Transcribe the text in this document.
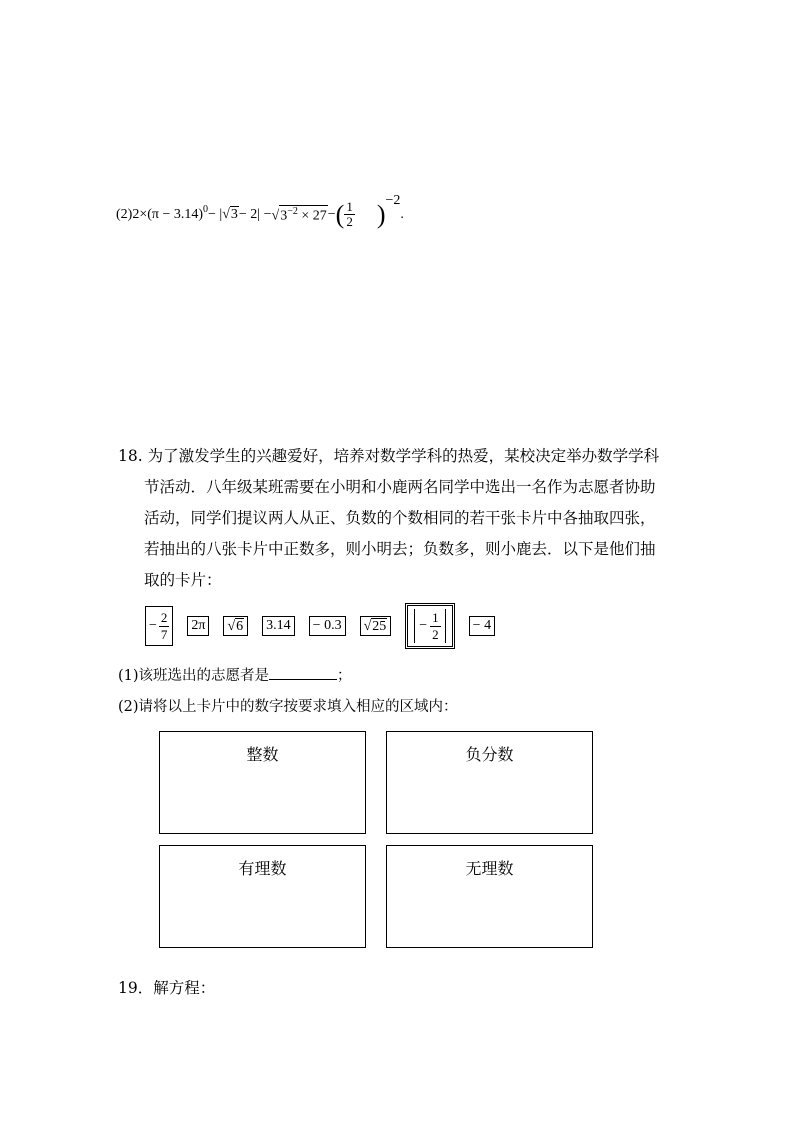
$(2)2\times(\pi - 3.14)^0- |√3- 2| -√3^{-2} \times 27-( \frac{1}{2} )^{-2}$.
18. 为了激发学生的兴趣爱好，培养对数学学科的热爱，某校决定举办数学学科
节活动．八年级某班需要在小明和小鹿两名同学中选出一名作为志愿者协助
活动，同学们提议两人从正、负数的个数相同的若干张卡片中各抽取四张，
若抽出的八张卡片中正数多，则小明去；负数多，则小鹿去．以下是他们抽
取的卡片：
− $\frac{2}{7} 2\pi$ √6 3.14 − 0.3 $√25 - \frac{1}{2} - 4$
(1)该班选出的志愿者是	；
(2)请将以上卡片中的数字按要求填入相应的区域内：
整数	负分数
有理数	无理数
19．解方程：
